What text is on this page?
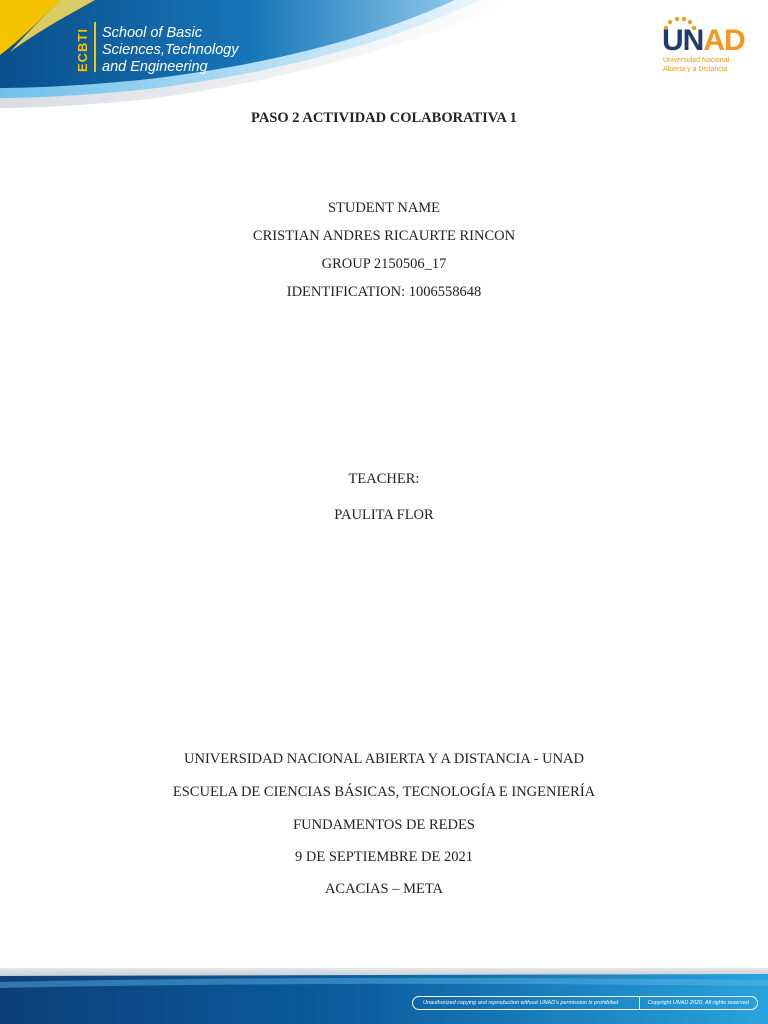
ECBTI School of Basic
Sciences,Technology
and Engineering
UNAD
Universidad Nacional
Abierta y a Distancia
PASO 2 ACTIVIDAD COLABORATIVA 1
STUDENT NAME
CRISTIAN ANDRES RICAURTE RINCON
GROUP 2150506_17
IDENTIFICATION: 1006558648
TEACHER:
PAULITA FLOR
UNIVERSIDAD NACIONAL ABIERTA Y A DISTANCIA - UNAD
ESCUELA DE CIENCIAS BÁSICAS, TECNOLOGÍA E INGENIERÍA
FUNDAMENTOS DE REDES
9 DE SEPTIEMBRE DE 2021
ACACIAS – META
Unauthorized copying and reproduction without UNAD's permission is prohibited	Copyright UNAD 2020. All rights reserved
